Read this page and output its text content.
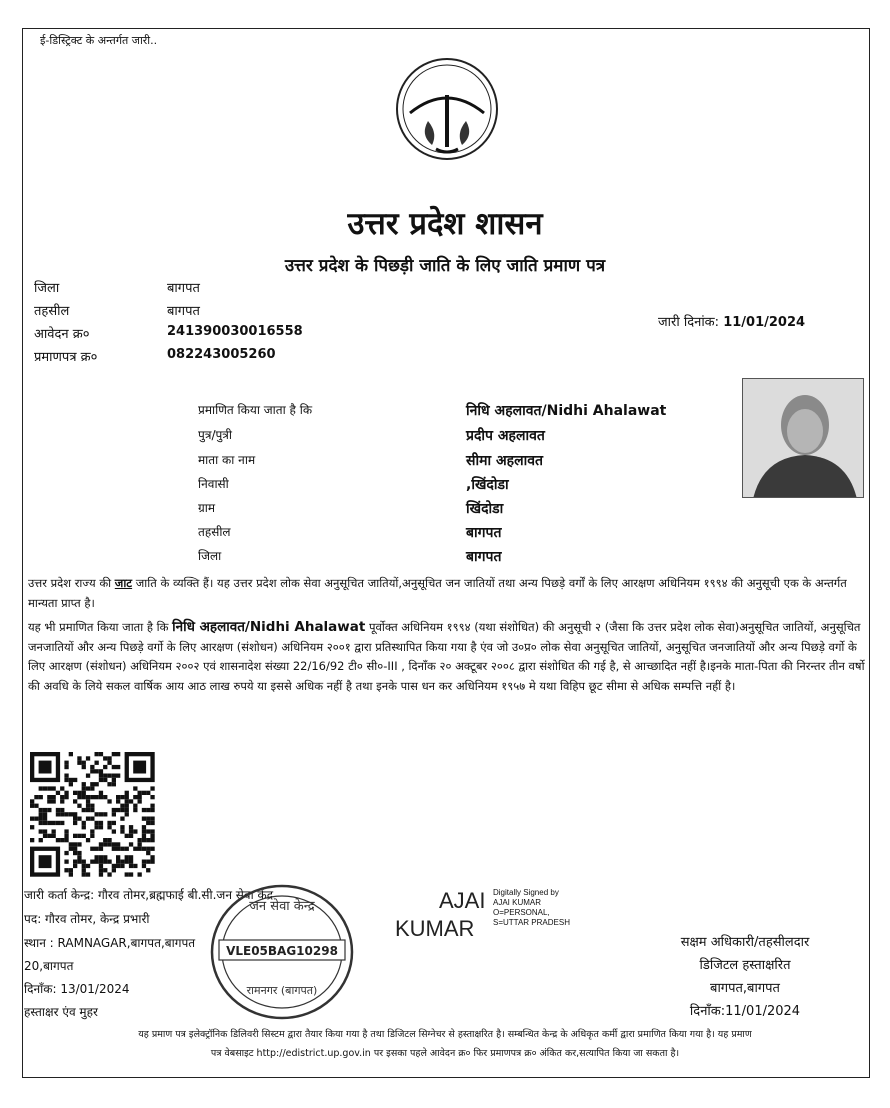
ई-डिस्ट्रिक्ट के अन्तर्गत जारी..
उत्तर प्रदेश शासन
उत्तर प्रदेश के पिछड़ी जाति के लिए जाति प्रमाण पत्र
जिला	बागपत
तहसील	बागपत
आवेदन क्र०	241390030016558
प्रमाणपत्र क्र०	082243005260
जारी दिनांक: 11/01/2024
प्रमाणित किया जाता है कि	निधि अहलावत/Nidhi Ahalawat
पुत्र/पुत्री	प्रदीप अहलावत
माता का नाम	सीमा अहलावत
निवासी	,खिंदोडा
ग्राम	खिंदोडा
तहसील	बागपत
जिला	बागपत
उत्तर प्रदेश राज्य की जाट जाति के व्यक्ति हैं। यह उत्तर प्रदेश लोक सेवा अनुसूचित जातियों,अनुसूचित जन जातियों तथा अन्य पिछड़े वर्गों के लिए आरक्षण अधिनियम १९९४ की अनुसूची एक के अन्तर्गत मान्यता प्राप्त है।
यह भी प्रमाणित किया जाता है कि निधि अहलावत/Nidhi Ahalawat पूर्वोक्त अधिनियम १९९४ (यथा संशोधित) की अनुसूची २ (जैसा कि उत्तर प्रदेश लोक सेवा)अनुसूचित जातियों, अनुसूचित जनजातियों और अन्य पिछड़े वर्गो के लिए आरक्षण (संशोधन) अधिनियम २००१ द्वारा प्रतिस्थापित किया गया है एंव जो उ०प्र० लोक सेवा अनुसूचित जातियों, अनुसूचित जनजातियों और अन्य पिछड़े वर्गो के लिए आरक्षण (संशोधन) अधिनियम २००२ एवं शासनादेश संख्या 22/16/92 टी० सी०-III , दिनाँक २० अक्टूबर २००८ द्वारा संशोधित की गई है, से आच्छादित नहीं है।इनके माता-पिता की निरन्तर तीन वर्षो की अवधि के लिये सकल वार्षिक आय आठ लाख रुपये या इससे अधिक नहीं है तथा इनके पास धन कर अधिनियम १९५७ मे यथा विहिप छूट सीमा से अधिक सम्पत्ति नहीं है।
जारी कर्ता केन्द्र: गौरव तोमर,ब्रह्मफाई बी.सी.जन सेवा केंद्र
पद: गौरव तोमर, केन्द्र प्रभारी
स्थान : RAMNAGAR,बागपत,बागपत
20,बागपत
दिनाँक: 13/01/2024
हस्ताक्षर एंव मुहर
जन सेवा केन्द्र
VLE05BAG10298
रामनगर (बागपत)
AJAI
KUMAR
Digitally Signed by
AJAI KUMAR
O=PERSONAL,
S=UTTAR PRADESH
सक्षम अधिकारी/तहसीलदार
डिजिटल हस्ताक्षरित
बागपत,बागपत
दिनाँक:11/01/2024
यह प्रमाण पत्र इलेक्ट्रॉनिक डिलिवरी सिस्टम द्वारा तैयार किया गया है तथा डिजिटल सिग्नेचर से हस्ताक्षरित है। सम्बन्धित केन्द्र के अधिकृत कर्मी द्वारा प्रमाणित किया गया है। यह प्रमाण
पत्र वेबसाइट http://edistrict.up.gov.in पर इसका पहले आवेदन क्र० फिर प्रमाणपत्र क्र० अंकित कर,सत्यापित किया जा सकता है।
